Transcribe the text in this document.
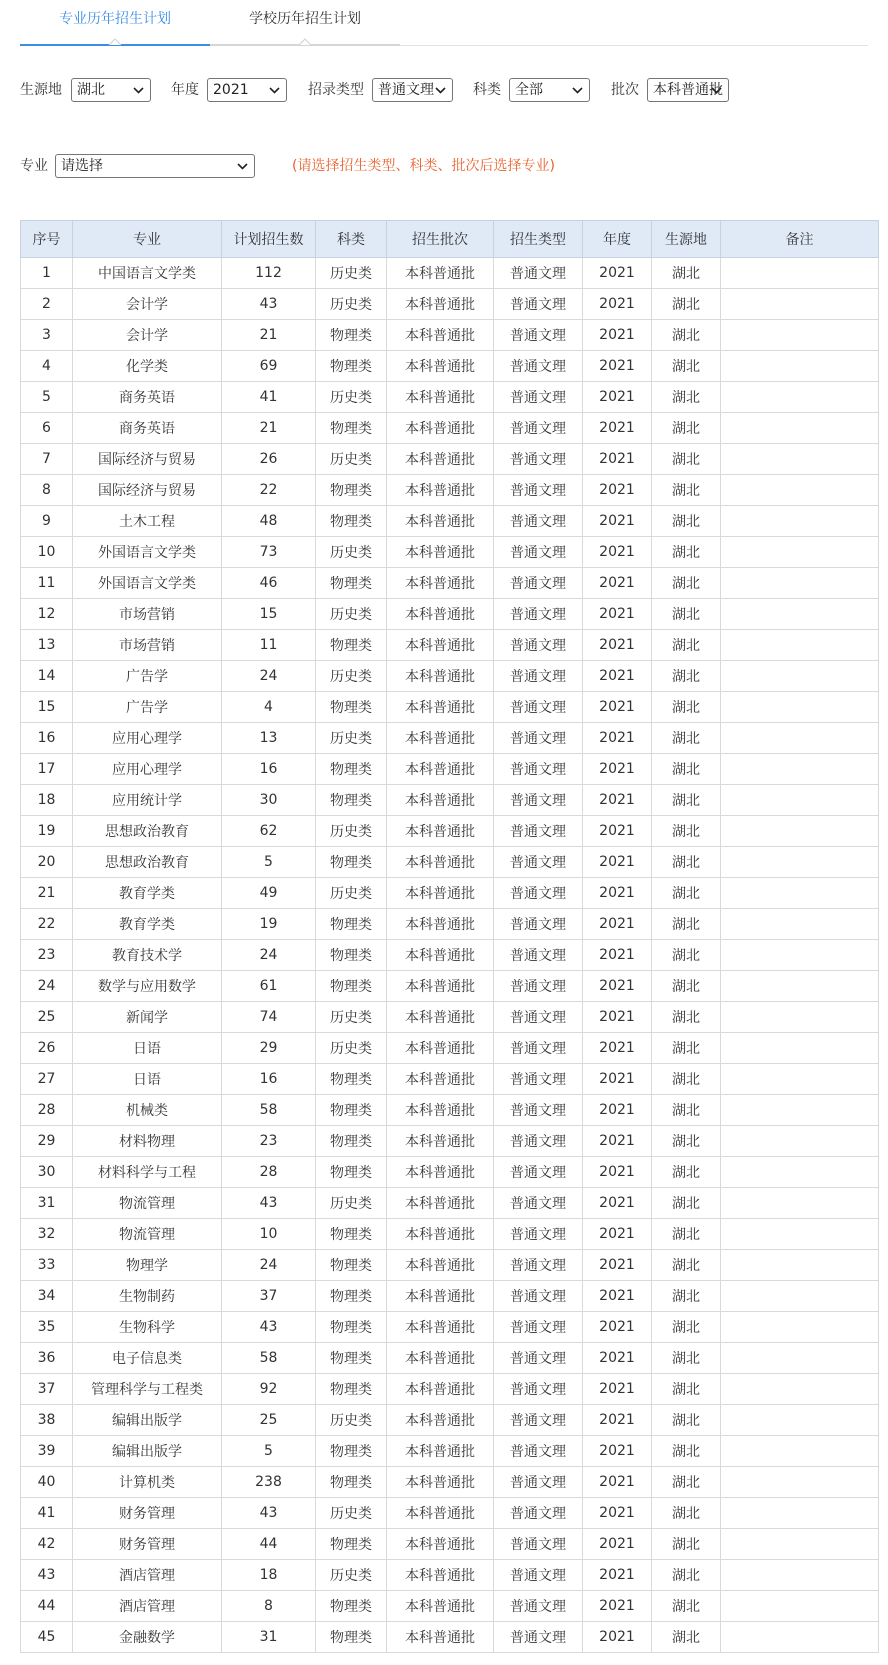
专业历年招生计划	学校历年招生计划
生源地	湖北	年度	2021	招录类型	普通文理	科类	全部	批次	本科普通批
专业 请选择	(请选择招生类型、科类、批次后选择专业)
序号	专业	计划招生数	科类	招生批次	招生类型	年度	生源地	备注
1	中国语言文学类	112	历史类	本科普通批	普通文理	2021	湖北	
2	会计学	43	历史类	本科普通批	普通文理	2021	湖北	
3	会计学	21	物理类	本科普通批	普通文理	2021	湖北	
4	化学类	69	物理类	本科普通批	普通文理	2021	湖北	
5	商务英语	41	历史类	本科普通批	普通文理	2021	湖北	
6	商务英语	21	物理类	本科普通批	普通文理	2021	湖北	
7	国际经济与贸易	26	历史类	本科普通批	普通文理	2021	湖北	
8	国际经济与贸易	22	物理类	本科普通批	普通文理	2021	湖北	
9	土木工程	48	物理类	本科普通批	普通文理	2021	湖北	
10	外国语言文学类	73	历史类	本科普通批	普通文理	2021	湖北	
11	外国语言文学类	46	物理类	本科普通批	普通文理	2021	湖北	
12	市场营销	15	历史类	本科普通批	普通文理	2021	湖北	
13	市场营销	11	物理类	本科普通批	普通文理	2021	湖北	
14	广告学	24	历史类	本科普通批	普通文理	2021	湖北	
15	广告学	4	物理类	本科普通批	普通文理	2021	湖北	
16	应用心理学	13	历史类	本科普通批	普通文理	2021	湖北	
17	应用心理学	16	物理类	本科普通批	普通文理	2021	湖北	
18	应用统计学	30	物理类	本科普通批	普通文理	2021	湖北	
19	思想政治教育	62	历史类	本科普通批	普通文理	2021	湖北	
20	思想政治教育	5	物理类	本科普通批	普通文理	2021	湖北	
21	教育学类	49	历史类	本科普通批	普通文理	2021	湖北	
22	教育学类	19	物理类	本科普通批	普通文理	2021	湖北	
23	教育技术学	24	物理类	本科普通批	普通文理	2021	湖北	
24	数学与应用数学	61	物理类	本科普通批	普通文理	2021	湖北	
25	新闻学	74	历史类	本科普通批	普通文理	2021	湖北	
26	日语	29	历史类	本科普通批	普通文理	2021	湖北	
27	日语	16	物理类	本科普通批	普通文理	2021	湖北	
28	机械类	58	物理类	本科普通批	普通文理	2021	湖北	
29	材料物理	23	物理类	本科普通批	普通文理	2021	湖北	
30	材料科学与工程	28	物理类	本科普通批	普通文理	2021	湖北	
31	物流管理	43	历史类	本科普通批	普通文理	2021	湖北	
32	物流管理	10	物理类	本科普通批	普通文理	2021	湖北	
33	物理学	24	物理类	本科普通批	普通文理	2021	湖北	
34	生物制药	37	物理类	本科普通批	普通文理	2021	湖北	
35	生物科学	43	物理类	本科普通批	普通文理	2021	湖北	
36	电子信息类	58	物理类	本科普通批	普通文理	2021	湖北	
37	管理科学与工程类	92	物理类	本科普通批	普通文理	2021	湖北	
38	编辑出版学	25	历史类	本科普通批	普通文理	2021	湖北	
39	编辑出版学	5	物理类	本科普通批	普通文理	2021	湖北	
40	计算机类	238	物理类	本科普通批	普通文理	2021	湖北	
41	财务管理	43	历史类	本科普通批	普通文理	2021	湖北	
42	财务管理	44	物理类	本科普通批	普通文理	2021	湖北	
43	酒店管理	18	历史类	本科普通批	普通文理	2021	湖北	
44	酒店管理	8	物理类	本科普通批	普通文理	2021	湖北	
45	金融数学	31	物理类	本科普通批	普通文理	2021	湖北	
